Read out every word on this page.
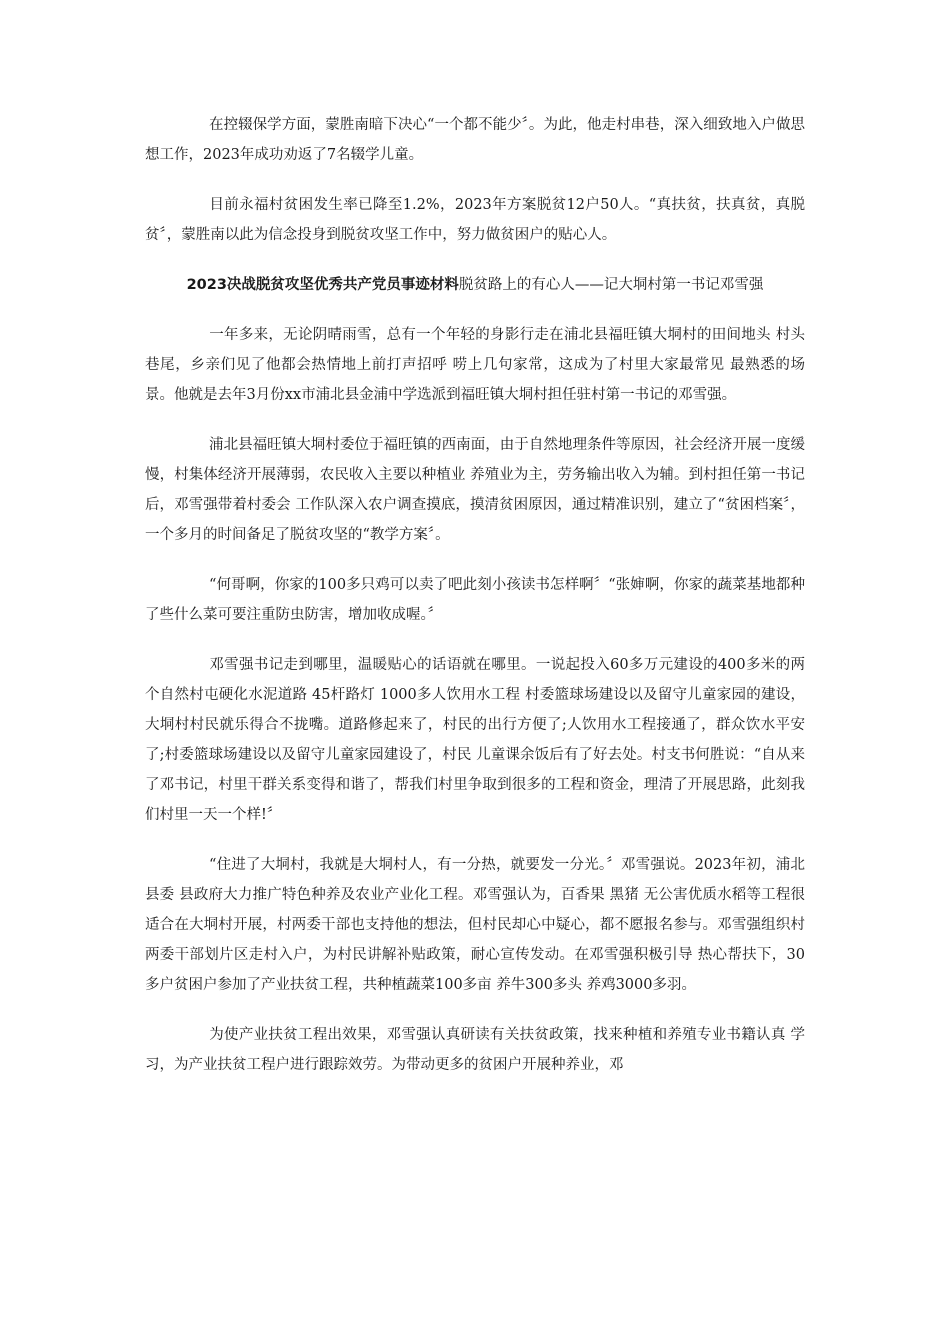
在控辍保学方面，蒙胜南暗下决心“一个都不能少〞。为此，他走村串巷，深入细致地入户做思想工作，2023年成功劝返了7名辍学儿童。

目前永福村贫困发生率已降至1.2%，2023年方案脱贫12户50人。“真扶贫，扶真贫，真脱贫〞，蒙胜南以此为信念投身到脱贫攻坚工作中，努力做贫困户的贴心人。

2023决战脱贫攻坚优秀共产党员事迹材料脱贫路上的有心人——记大垌村第一书记邓雪强

一年多来，无论阴晴雨雪，总有一个年轻的身影行走在浦北县福旺镇大垌村的田间地头 村头巷尾，乡亲们见了他都会热情地上前打声招呼 唠上几句家常，这成为了村里大家最常见 最熟悉的场景。他就是去年3月份xx市浦北县金浦中学选派到福旺镇大垌村担任驻村第一书记的邓雪强。

浦北县福旺镇大垌村委位于福旺镇的西南面，由于自然地理条件等原因，社会经济开展一度缓慢，村集体经济开展薄弱，农民收入主要以种植业 养殖业为主，劳务输出收入为辅。到村担任第一书记后，邓雪强带着村委会 工作队深入农户调查摸底，摸清贫困原因，通过精准识别，建立了“贫困档案〞，一个多月的时间备足了脱贫攻坚的“教学方案〞。

“何哥啊，你家的100多只鸡可以卖了吧此刻小孩读书怎样啊〞“张婶啊，你家的蔬菜基地都种了些什么菜可要注重防虫防害，增加收成喔。〞

邓雪强书记走到哪里，温暖贴心的话语就在哪里。一说起投入60多万元建设的400多米的两个自然村屯硬化水泥道路 45杆路灯 1000多人饮用水工程 村委篮球场建设以及留守儿童家园的建设，大垌村村民就乐得合不拢嘴。道路修起来了，村民的出行方便了;人饮用水工程接通了，群众饮水平安了;村委篮球场建设以及留守儿童家园建设了，村民 儿童课余饭后有了好去处。村支书何胜说：“自从来了邓书记，村里干群关系变得和谐了，帮我们村里争取到很多的工程和资金，理清了开展思路，此刻我们村里一天一个样!〞

“住进了大垌村，我就是大垌村人，有一分热，就要发一分光。〞邓雪强说。2023年初，浦北县委 县政府大力推广特色种养及农业产业化工程。邓雪强认为，百香果 黑猪 无公害优质水稻等工程很适合在大垌村开展，村两委干部也支持他的想法，但村民却心中疑心，都不愿报名参与。邓雪强组织村两委干部划片区走村入户，为村民讲解补贴政策，耐心宣传发动。在邓雪强积极引导 热心帮扶下，30多户贫困户参加了产业扶贫工程，共种植蔬菜100多亩 养牛300多头 养鸡3000多羽。

为使产业扶贫工程出效果，邓雪强认真研读有关扶贫政策，找来种植和养殖专业书籍认真 学习，为产业扶贫工程户进行跟踪效劳。为带动更多的贫困户开展种养业，邓
